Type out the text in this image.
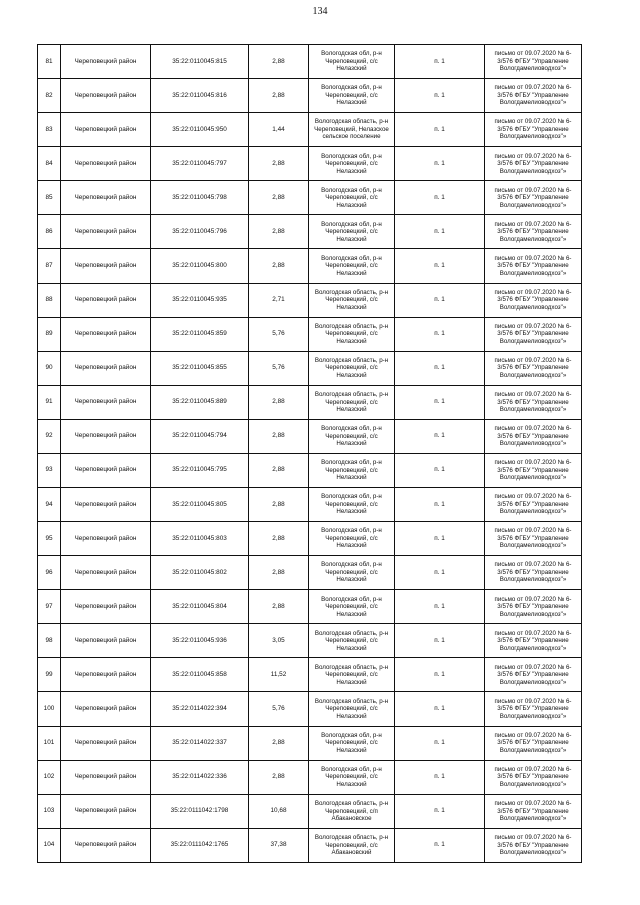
134
81	Череповецкий район	35:22:0110045:815	2,88	Вологодская обл, р-н Череповецкий, с/с Нелазский	п. 1	письмо от 09.07.2020 № 6-3/576 ФГБУ "Управление Вологдамелиоводхоз"»
82	Череповецкий район	35:22:0110045:816	2,88	Вологодская обл, р-н Череповецкий, с/с Нелазский	п. 1	письмо от 09.07.2020 № 6-3/576 ФГБУ "Управление Вологдамелиоводхоз"»
83	Череповецкий район	35:22:0110045:950	1,44	Вологодская область, р-н Череповецкий, Нелазское сельское поселение	п. 1	письмо от 09.07.2020 № 6-3/576 ФГБУ "Управление Вологдамелиоводхоз"»
84	Череповецкий район	35:22:0110045:797	2,88	Вологодская обл, р-н Череповецкий, с/с Нелазский	п. 1	письмо от 09.07.2020 № 6-3/576 ФГБУ "Управление Вологдамелиоводхоз"»
85	Череповецкий район	35:22:0110045:798	2,88	Вологодская обл, р-н Череповецкий, с/с Нелазский	п. 1	письмо от 09.07.2020 № 6-3/576 ФГБУ "Управление Вологдамелиоводхоз"»
86	Череповецкий район	35:22:0110045:796	2,88	Вологодская обл, р-н Череповецкий, с/с Нелазский	п. 1	письмо от 09.07.2020 № 6-3/576 ФГБУ "Управление Вологдамелиоводхоз"»
87	Череповецкий район	35:22:0110045:800	2,88	Вологодская обл, р-н Череповецкий, с/с Нелазский	п. 1	письмо от 09.07.2020 № 6-3/576 ФГБУ "Управление Вологдамелиоводхоз"»
88	Череповецкий район	35:22:0110045:935	2,71	Вологодская область, р-н Череповецкий, с/с Нелазский	п. 1	письмо от 09.07.2020 № 6-3/576 ФГБУ "Управление Вологдамелиоводхоз"»
89	Череповецкий район	35:22:0110045:859	5,76	Вологодская область, р-н Череповецкий, с/с Нелазский	п. 1	письмо от 09.07.2020 № 6-3/576 ФГБУ "Управление Вологдамелиоводхоз"»
90	Череповецкий район	35:22:0110045:855	5,76	Вологодская область, р-н Череповецкий, с/с Нелазский	п. 1	письмо от 09.07.2020 № 6-3/576 ФГБУ "Управление Вологдамелиоводхоз"»
91	Череповецкий район	35:22:0110045:889	2,88	Вологодская область, р-н Череповецкий, с/с Нелазский	п. 1	письмо от 09.07.2020 № 6-3/576 ФГБУ "Управление Вологдамелиоводхоз"»
92	Череповецкий район	35:22:0110045:794	2,88	Вологодская обл, р-н Череповецкий, с/с Нелазский	п. 1	письмо от 09.07.2020 № 6-3/576 ФГБУ "Управление Вологдамелиоводхоз"»
93	Череповецкий район	35:22:0110045:795	2,88	Вологодская обл, р-н Череповецкий, с/с Нелазский	п. 1	письмо от 09.07.2020 № 6-3/576 ФГБУ "Управление Вологдамелиоводхоз"»
94	Череповецкий район	35:22:0110045:805	2,88	Вологодская обл, р-н Череповецкий, с/с Нелазский	п. 1	письмо от 09.07.2020 № 6-3/576 ФГБУ "Управление Вологдамелиоводхоз"»
95	Череповецкий район	35:22:0110045:803	2,88	Вологодская обл, р-н Череповецкий, с/с Нелазский	п. 1	письмо от 09.07.2020 № 6-3/576 ФГБУ "Управление Вологдамелиоводхоз"»
96	Череповецкий район	35:22:0110045:802	2,88	Вологодская обл, р-н Череповецкий, с/с Нелазский	п. 1	письмо от 09.07.2020 № 6-3/576 ФГБУ "Управление Вологдамелиоводхоз"»
97	Череповецкий район	35:22:0110045:804	2,88	Вологодская обл, р-н Череповецкий, с/с Нелазский	п. 1	письмо от 09.07.2020 № 6-3/576 ФГБУ "Управление Вологдамелиоводхоз"»
98	Череповецкий район	35:22:0110045:936	3,05	Вологодская область, р-н Череповецкий, с/с Нелазский	п. 1	письмо от 09.07.2020 № 6-3/576 ФГБУ "Управление Вологдамелиоводхоз"»
99	Череповецкий район	35:22:0110045:858	11,52	Вологодская область, р-н Череповецкий, с/с Нелазский	п. 1	письмо от 09.07.2020 № 6-3/576 ФГБУ "Управление Вологдамелиоводхоз"»
100	Череповецкий район	35:22:0114022:394	5,76	Вологодская область, р-н Череповецкий, с/с Нелазский	п. 1	письмо от 09.07.2020 № 6-3/576 ФГБУ "Управление Вологдамелиоводхоз"»
101	Череповецкий район	35:22:0114022:337	2,88	Вологодская обл, р-н Череповецкий, с/с Нелазский	п. 1	письмо от 09.07.2020 № 6-3/576 ФГБУ "Управление Вологдамелиоводхоз"»
102	Череповецкий район	35:22:0114022:336	2,88	Вологодская обл, р-н Череповецкий, с/с Нелазский	п. 1	письмо от 09.07.2020 № 6-3/576 ФГБУ "Управление Вологдамелиоводхоз"»
103	Череповецкий район	35:22:0111042:1798	10,68	Вологодская область, р-н Череповецкий, с/п Абакановское	п. 1	письмо от 09.07.2020 № 6-3/576 ФГБУ "Управление Вологдамелиоводхоз"»
104	Череповецкий район	35:22:0111042:1765	37,38	Вологодская область, р-н Череповецкий, с/с Абакановский	п. 1	письмо от 09.07.2020 № 6-3/576 ФГБУ "Управление Вологдамелиоводхоз"»
